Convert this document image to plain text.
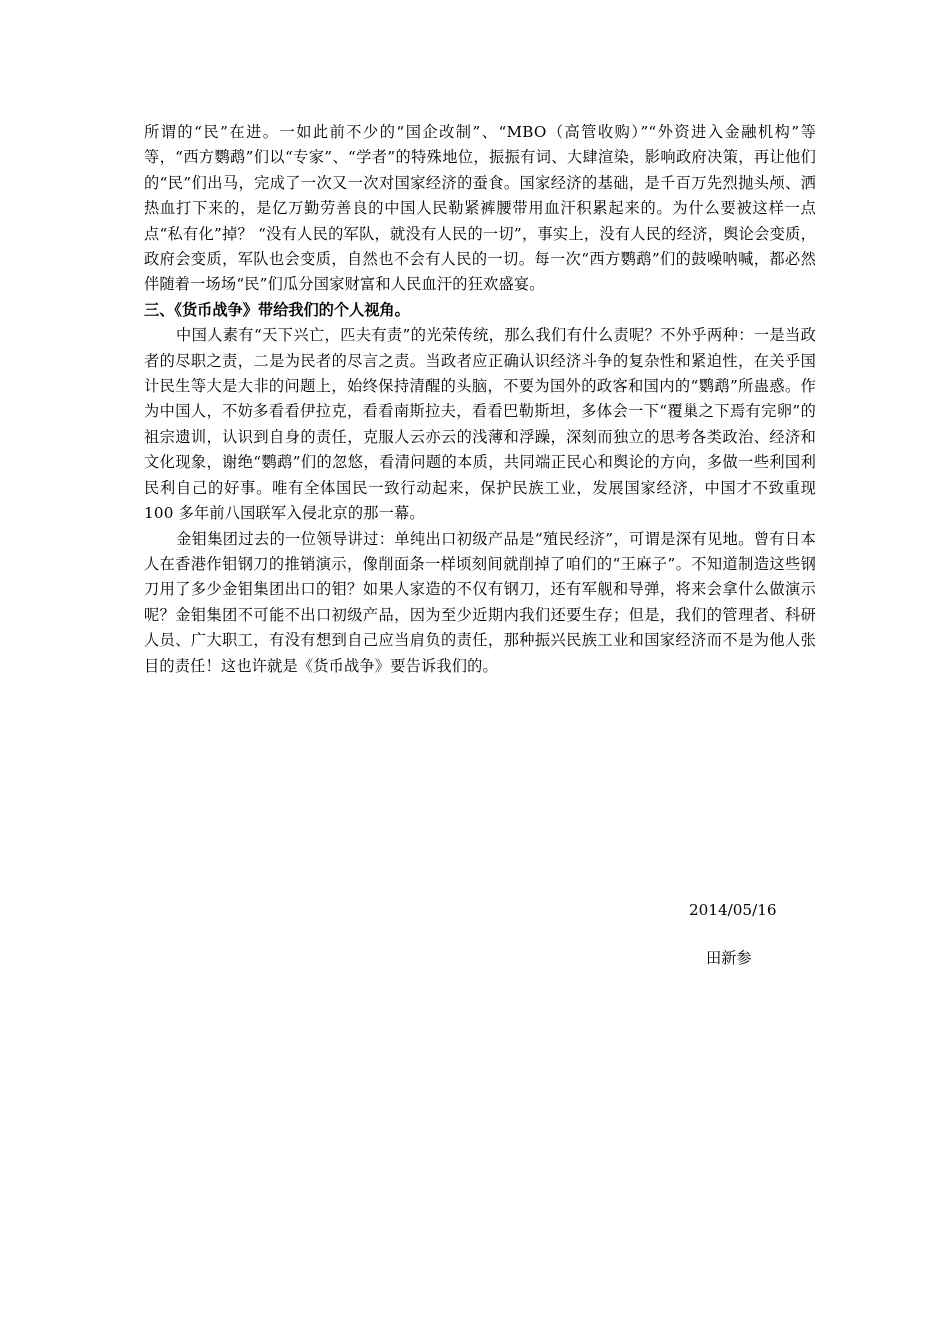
所谓的“民”在进。一如此前不少的“国企改制”、“MBO（高管收购）”“外资进入金融机构”等等，“西方鹦鹉”们以“专家”、“学者”的特殊地位，振振有词、大肆渲染，影响政府决策，再让他们的“民”们出马，完成了一次又一次对国家经济的蚕食。国家经济的基础，是千百万先烈抛头颅、洒热血打下来的，是亿万勤劳善良的中国人民勒紧裤腰带用血汗积累起来的。为什么要被这样一点点“私有化”掉？ “没有人民的军队，就没有人民的一切”，事实上，没有人民的经济，舆论会变质，政府会变质，军队也会变质，自然也不会有人民的一切。每一次“西方鹦鹉”们的鼓噪呐喊，都必然伴随着一场场“民”们瓜分国家财富和人民血汗的狂欢盛宴。

三、《货币战争》带给我们的个人视角。

中国人素有“天下兴亡，匹夫有责”的光荣传统，那么我们有什么责呢？不外乎两种：一是当政者的尽职之责，二是为民者的尽言之责。当政者应正确认识经济斗争的复杂性和紧迫性，在关乎国计民生等大是大非的问题上，始终保持清醒的头脑，不要为国外的政客和国内的“鹦鹉”所蛊惑。作为中国人，不妨多看看伊拉克，看看南斯拉夫，看看巴勒斯坦，多体会一下“覆巢之下焉有完卵”的祖宗遗训，认识到自身的责任，克服人云亦云的浅薄和浮躁，深刻而独立的思考各类政治、经济和文化现象，谢绝“鹦鹉”们的忽悠，看清问题的本质，共同端正民心和舆论的方向，多做一些利国利民利自己的好事。唯有全体国民一致行动起来，保护民族工业，发展国家经济，中国才不致重现 100 多年前八国联军入侵北京的那一幕。

金钼集团过去的一位领导讲过：单纯出口初级产品是“殖民经济”，可谓是深有见地。曾有日本人在香港作钼钢刀的推销演示，像削面条一样顷刻间就削掉了咱们的“王麻子”。不知道制造这些钢刀用了多少金钼集团出口的钼？如果人家造的不仅有钢刀，还有军舰和导弹，将来会拿什么做演示呢？金钼集团不可能不出口初级产品，因为至少近期内我们还要生存；但是，我们的管理者、科研人员、广大职工，有没有想到自己应当肩负的责任，那种振兴民族工业和国家经济而不是为他人张目的责任！这也许就是《货币战争》要告诉我们的。

2014/05/16
田新参
